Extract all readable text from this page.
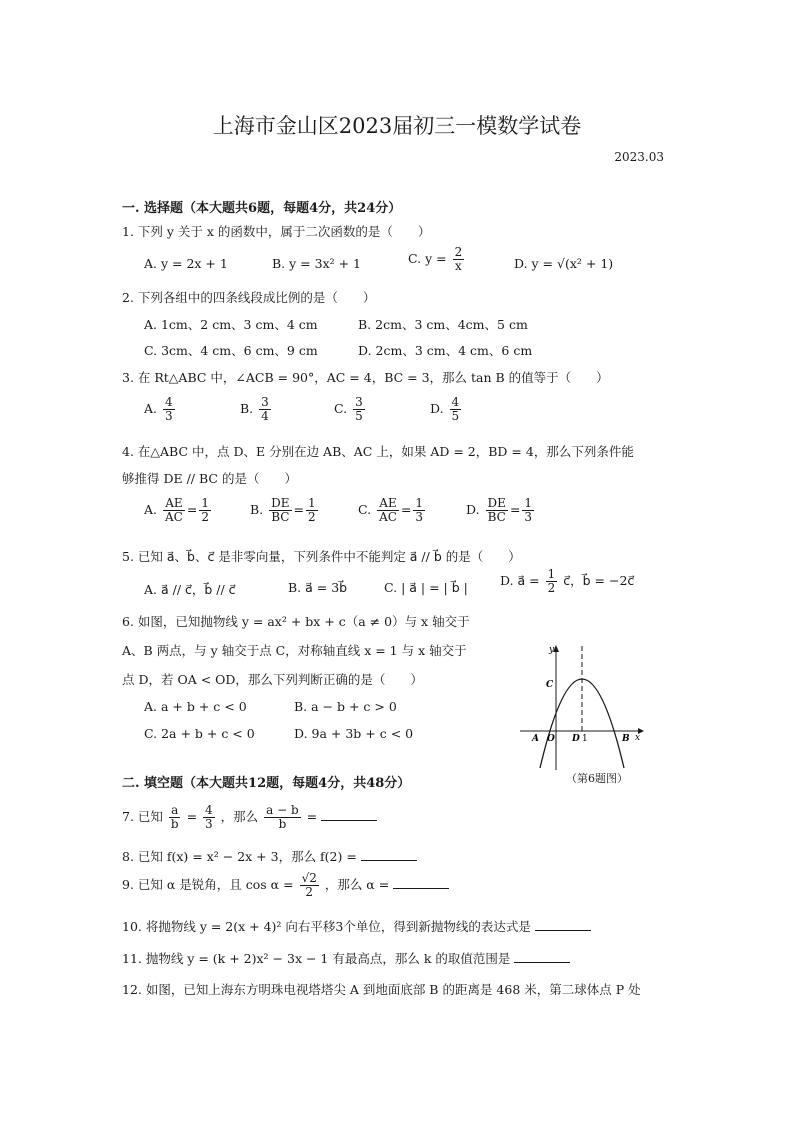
上海市金山区2023届初三一模数学试卷
2023.03
一. 选择题（本大题共6题，每题4分，共24分）
1. 下列 y 关于 x 的函数中，属于二次函数的是（　　）
A. y = 2x + 1	B. y = 3x² + 1	C. $y = \frac{2}{x}$	D. y = √(x² + 1)
2. 下列各组中的四条线段成比例的是（　　）
A. 1cm、2 cm、3 cm、4 cm	B. 2cm、3 cm、4cm、5 cm
C. 3cm、4 cm、6 cm、9 cm	D. 2cm、3 cm、4 cm、6 cm
3. 在 Rt△ABC 中，∠ACB = 90°，AC = 4，BC = 3，那么 tan B 的值等于（　　）
A. $\frac{4}{3}$	B. $\frac{3}{4}$	C. $\frac{3}{5}$	D. $\frac{4}{5}$
4. 在△ABC 中，点 D、E 分别在边 AB、AC 上，如果 AD = 2，BD = 4，那么下列条件能
够推得 DE // BC 的是（　　）
A. $\frac{AE}{AC} = \frac{1}{2}$	B. $\frac{DE}{BC} = \frac{1}{2}$	C. $\frac{AE}{AC} = \frac{1}{3}$	D. $\frac{DE}{BC} = \frac{1}{3}$
5. 已知 a⃗、b⃗、c⃗ 是非零向量，下列条件中不能判定 a⃗ // b⃗ 的是（　　）
A. a⃗ // c⃗，b⃗ // c⃗	B. a⃗ = 3b⃗	C. | a⃗ | = | b⃗ |	D. a⃗ = $\frac{1}{2}$ c⃗，b⃗ = −2c⃗
6. 如图，已知抛物线 y = ax² + bx + c（a ≠ 0）与 x 轴交于
A、B 两点，与 y 轴交于点 C，对称轴直线 x = 1 与 x 轴交于
点 D，若 OA < OD，那么下列判断正确的是（　　）
A. a + b + c < 0	B. a − b + c > 0
C. 2a + b + c < 0	D. 9a + 3b + c < 0
y
x
C
A O D 1	B
（第6题图）
二. 填空题（本大题共12题，每题4分，共48分）
7. 已知 $\frac{a}{b} = \frac{4}{3}$ ，那么 $\frac{a - b}{b}$ =
8. 已知 f(x) = x² − 2x + 3，那么 f(2) =
9. 已知 α 是锐角，且 $\cos \alpha = \frac{√2}{2}$ ，那么 α =
10. 将抛物线 y = 2(x + 4)² 向右平移3个单位，得到新抛物线的表达式是
11. 抛物线 y = (k + 2)x² − 3x − 1 有最高点，那么 k 的取值范围是
12. 如图，已知上海东方明珠电视塔塔尖 A 到地面底部 B 的距离是 468 米，第二球体点 P 处
